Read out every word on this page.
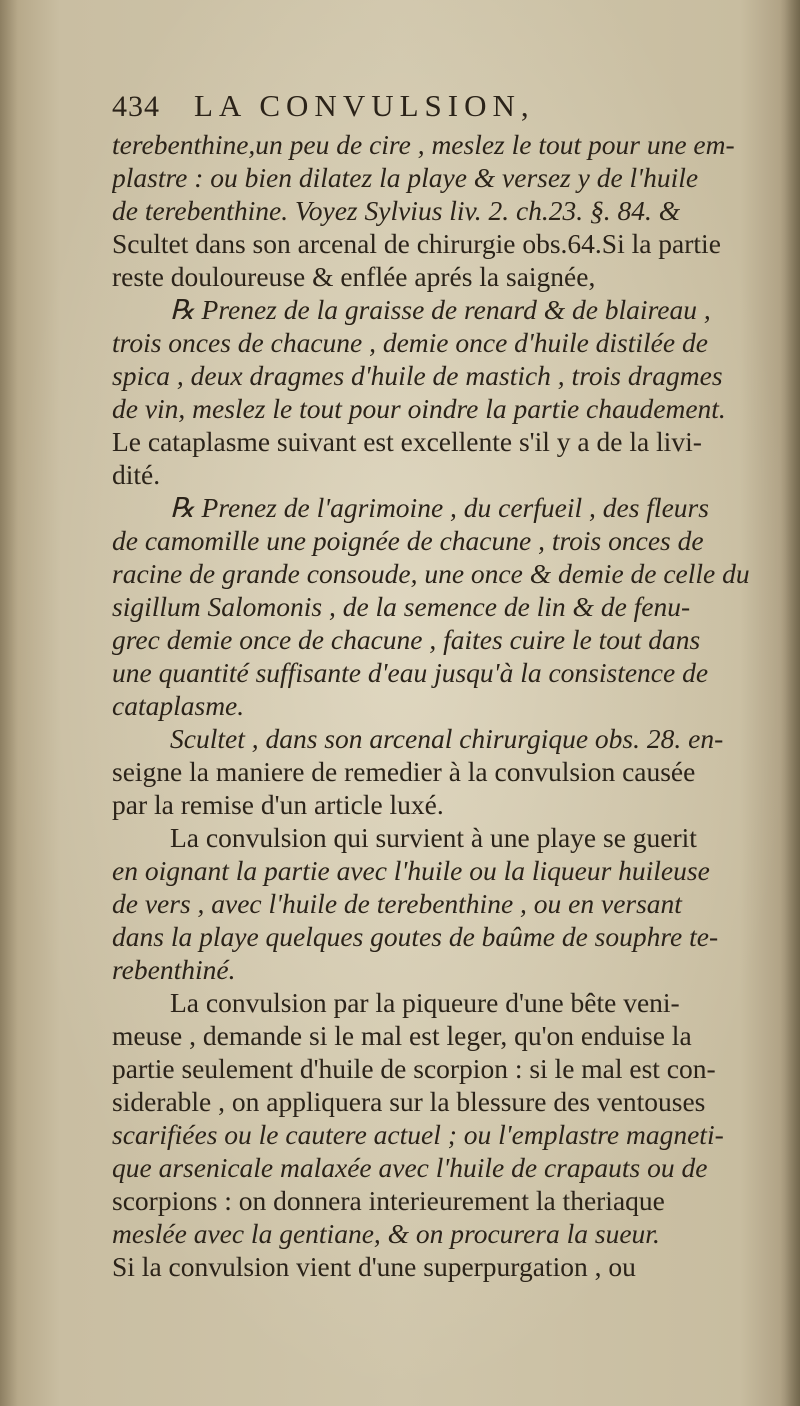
434 LA CONVULSION,
terebenthine,un peu de cire , meslez le tout pour une em-
plastre : ou bien dilatez la playe & versez y de l'huile
de terebenthine. Voyez Sylvius liv. 2. ch.23. §. 84. &
Scultet dans son arcenal de chirurgie obs.64.Si la partie
reste douloureuse & enflée aprés la saignée,
℞ Prenez de la graisse de renard & de blaireau ,
trois onces de chacune , demie once d'huile distilée de
spica , deux dragmes d'huile de mastich , trois dragmes
de vin, meslez le tout pour oindre la partie chaudement.
Le cataplasme suivant est excellente s'il y a de la livi-
dité.
℞ Prenez de l'agrimoine , du cerfueil , des fleurs
de camomille une poignée de chacune , trois onces de
racine de grande consoude, une once & demie de celle du
sigillum Salomonis , de la semence de lin & de fenu-
grec demie once de chacune , faites cuire le tout dans
une quantité suffisante d'eau jusqu'à la consistence de
cataplasme.
Scultet , dans son arcenal chirurgique obs. 28. en-
seigne la maniere de remedier à la convulsion causée
par la remise d'un article luxé.
La convulsion qui survient à une playe se guerit
en oignant la partie avec l'huile ou la liqueur huileuse
de vers , avec l'huile de terebenthine , ou en versant
dans la playe quelques goutes de baûme de souphre te-
rebenthiné.
La convulsion par la piqueure d'une bête veni-
meuse , demande si le mal est leger, qu'on enduise la
partie seulement d'huile de scorpion : si le mal est con-
siderable , on appliquera sur la blessure des ventouses
scarifiées ou le cautere actuel ; ou l'emplastre magneti-
que arsenicale malaxée avec l'huile de crapauts ou de
scorpions : on donnera interieurement la theriaque
meslée avec la gentiane, & on procurera la sueur.
Si la convulsion vient d'une superpurgation , ou
